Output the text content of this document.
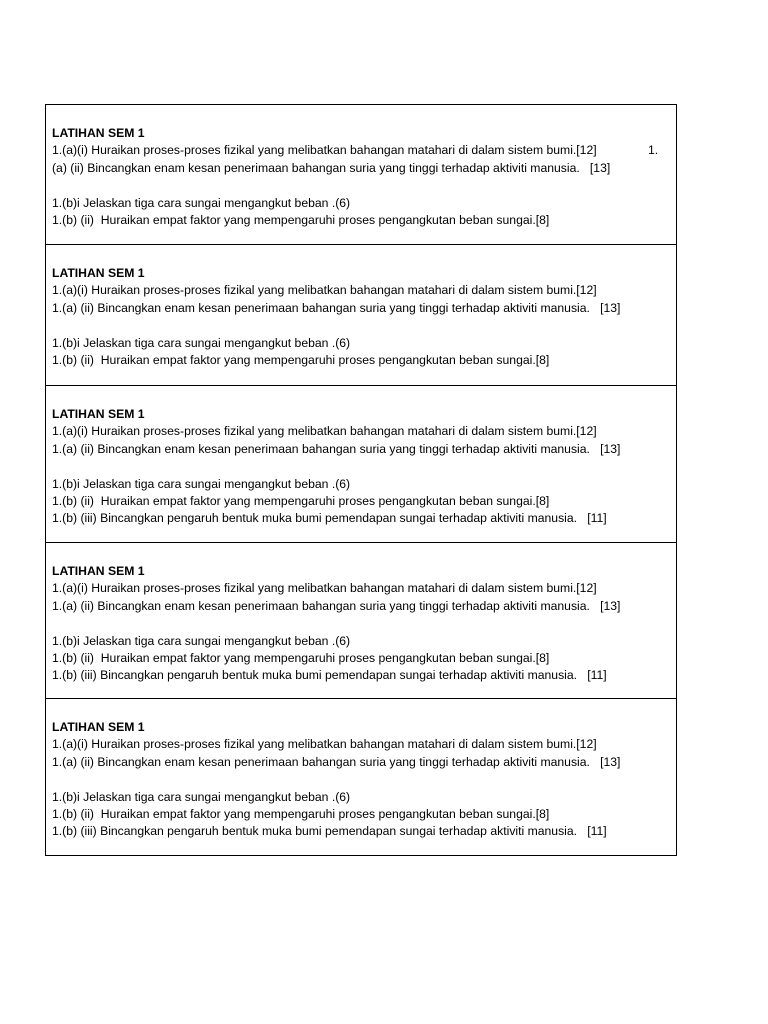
LATIHAN SEM 1
1.(a)(i) Huraikan proses-proses fizikal yang melibatkan bahangan matahari di dalam sistem bumi.[12]
(a) (ii) Bincangkan enam kesan penerimaan bahangan suria yang tinggi terhadap aktiviti manusia.   [13]
1.(b)i Jelaskan tiga cara sungai mengangkut beban .(6)
1.(b) (ii)  Huraikan empat faktor yang mempengaruhi proses pengangkutan beban sungai.[8]
1.
LATIHAN SEM 1
1.(a)(i) Huraikan proses-proses fizikal yang melibatkan bahangan matahari di dalam sistem bumi.[12]
1.(a) (ii) Bincangkan enam kesan penerimaan bahangan suria yang tinggi terhadap aktiviti manusia.   [13]
1.(b)i Jelaskan tiga cara sungai mengangkut beban .(6)
1.(b) (ii)  Huraikan empat faktor yang mempengaruhi proses pengangkutan beban sungai.[8]
LATIHAN SEM 1
1.(a)(i) Huraikan proses-proses fizikal yang melibatkan bahangan matahari di dalam sistem bumi.[12]
1.(a) (ii) Bincangkan enam kesan penerimaan bahangan suria yang tinggi terhadap aktiviti manusia.   [13]
1.(b)i Jelaskan tiga cara sungai mengangkut beban .(6)
1.(b) (ii)  Huraikan empat faktor yang mempengaruhi proses pengangkutan beban sungai.[8]
1.(b) (iii) Bincangkan pengaruh bentuk muka bumi pemendapan sungai terhadap aktiviti manusia.   [11]
LATIHAN SEM 1
1.(a)(i) Huraikan proses-proses fizikal yang melibatkan bahangan matahari di dalam sistem bumi.[12]
1.(a) (ii) Bincangkan enam kesan penerimaan bahangan suria yang tinggi terhadap aktiviti manusia.   [13]
1.(b)i Jelaskan tiga cara sungai mengangkut beban .(6)
1.(b) (ii)  Huraikan empat faktor yang mempengaruhi proses pengangkutan beban sungai.[8]
1.(b) (iii) Bincangkan pengaruh bentuk muka bumi pemendapan sungai terhadap aktiviti manusia.   [11]
LATIHAN SEM 1
1.(a)(i) Huraikan proses-proses fizikal yang melibatkan bahangan matahari di dalam sistem bumi.[12]
1.(a) (ii) Bincangkan enam kesan penerimaan bahangan suria yang tinggi terhadap aktiviti manusia.   [13]
1.(b)i Jelaskan tiga cara sungai mengangkut beban .(6)
1.(b) (ii)  Huraikan empat faktor yang mempengaruhi proses pengangkutan beban sungai.[8]
1.(b) (iii) Bincangkan pengaruh bentuk muka bumi pemendapan sungai terhadap aktiviti manusia.   [11]
